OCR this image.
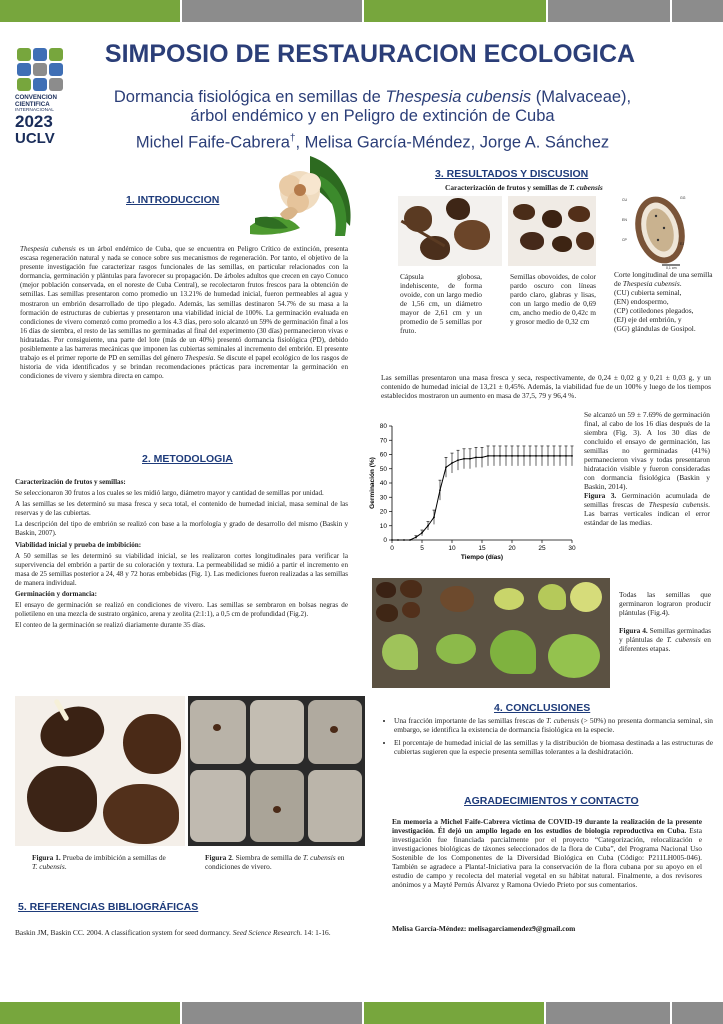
CONVENCION
CIENTIFICA
INTERNACIONAL
2023
UCLV
SIMPOSIO DE RESTAURACION ECOLOGICA
Dormancia fisiológica en semillas de Thespesia cubensis (Malvaceae),
árbol endémico y en Peligro de extinción de Cuba
Michel Faife-Cabrera†, Melisa García-Méndez, Jorge A. Sánchez
1. INTRODUCCION

Thespesia cubensis es un árbol endémico de Cuba, que se encuentra en Peligro Crítico de extinción, presenta escasa regeneración natural y nada se conoce sobre sus mecanismos de regeneración. Por tanto, el objetivo de la presente investigación fue caracterizar rasgos funcionales de las semillas, en particular relacionados con la dormancia, germinación y plántulas para favorecer su propagación. De árboles adultos que crecen en cayo Conuco (mejor población conservada, en el noreste de Cuba Central), se recolectaron frutos frescos para la obtención de semillas. Las semillas presentaron como promedio un 13.21% de humedad inicial, fueron permeables al agua y mostraron un embrión desarrollado de tipo plegado. Además, las semillas destinaron 54.7% de su masa a la formación de estructuras de cubiertas y presentaron una viabilidad inicial de 100%. La germinación evaluada en condiciones de vivero comenzó como promedio a los 4.3 días, pero solo alcanzó un 59% de germinación final a los 16 días de siembra, el resto de las semillas no germinadas al final del experimento (30 días) permanecieron vivas e hidratadas. Por consiguiente, una parte del lote (más de un 40%) presentó dormancia fisiológica (PD), debido posiblemente a las barreras mecánicas que imponen las cubiertas seminales al incremento del embrión. El presente trabajo es el primer reporte de PD en semillas del género Thespesia. Se discute el papel ecológico de los rasgos de historia de vida identificados y se brindan recomendaciones prácticas para incrementar la germinación en condiciones de vivero y siembra directa en campo.

2. METODOLOGIA

Caracterización de frutos y semillas:

Se seleccionaron 30 frutos a los cuales se les midió largo, diámetro mayor y cantidad de semillas por unidad.

A las semillas se les determinó su masa fresca y seca total, el contenido de humedad inicial, masa seminal de las reservas y de las cubiertas.

La descripción del tipo de embrión se realizó con base a la morfología y grado de desarrollo del mismo (Baskin y Baskin, 2007).

Viabilidad inicial y prueba de imbibición:

A 50 semillas se les determinó su viabilidad inicial, se les realizaron cortes longitudinales para verificar la supervivencia del embrión a partir de su coloración y textura. La permeabilidad se midió a partir el incremento en masa de 25 semillas posterior a 24, 48 y 72 horas embebidas (Fig. 1). Las mediciones fueron realizadas a las semillas de manera individual.

Germinación y dormancia:

El ensayo de germinación se realizó en condiciones de vivero. Las semillas se sembraron en bolsas negras de polietileno en una mezcla de sustrato orgánico, arena y zeolita (2:1:1), a 0,5 cm de profundidad (Fig.2).

El conteo de la germinación se realizó diariamente durante 35 días.

Figura 1. Prueba de imbibición a semillas de T. cubensis.
Figura 2. Siembra de semilla de T. cubensis en condiciones de vivero.
5. REFERENCIAS BIBLIOGRÁFICAS
Baskin JM, Baskin CC. 2004. A classification system for seed dormancy. Seed Science Research. 14: 1-16.
3. RESULTADOS Y DISCUSION
Caracterización de frutos y semillas de T. cubensis
CU	GG
EN
CP
EJ
0,1 cm
Cápsula globosa, indehiscente, de forma ovoide, con un largo medio de 1,56 cm, un diámetro mayor de 2,61 cm y un promedio de 5 semillas por fruto.
Semillas obovoides, de color pardo oscuro con líneas pardo claro, glabras y lisas, con un largo medio de 0,69 cm, ancho medio de 0,42c m y grosor medio de 0,32 cm
Corte longitudinal de una semilla de Thespesia cubensis.
(CU) cubierta seminal,
(EN) endospermo,
(CP) cotiledones plegados,
(EJ) eje del embrión, y
(GG) glándulas de Gosipol.
Las semillas presentaron una masa fresca y seca, respectivamente, de 0,24 ± 0,02 g y 0,21 ± 0,03 g, y un contenido de humedad inicial de 13,21 ± 0,45%. Además, la viabilidad fue de un 100% y luego de los tiempos establecidos mostraron un aumento en masa de 37,5, 79 y 96,4 %.
0	5	10	15	20	25	30
0
10
20
30
40
50
60
70
80
Tiempo (días)
Germinación (%)
Se alcanzó un 59 ± 7.69% de germinación final, al cabo de los 16 días después de la siembra (Fig. 3). A los 30 días de concluido el ensayo de germinación, las semillas no germinadas (41%) permanecieron vivas y todas presentaron hidratación visible y fueron consideradas con dormancia fisiológica (Baskin y Baskin, 2014).
Figura 3. Germinación acumulada de semillas frescas de Thespesia cubensis. Las barras verticales indican el error estándar de las medias.
Todas las semillas que germinaron lograron producir plántulas (Fig.4).

Figura 4. Semillas germinadas y plántulas de T. cubensis en diferentes etapas.
4. CONCLUSIONES
• Una fracción importante de las semillas frescas de T. cubensis (> 50%) no presenta dormancia seminal, sin embargo, se identifica la existencia de dormancia fisiológica en la especie.
• El porcentaje de humedad inicial de las semillas y la distribución de biomasa destinada a las estructuras de cubiertas sugieren que la especie presenta semillas tolerantes a la deshidratación.
AGRADECIMIENTOS Y CONTACTO
En memoria a Michel Faife-Cabrera víctima de COVID-19 durante la realización de la presente investigación. Él dejó un amplio legado en los estudios de biología reproductiva en Cuba. Esta investigación fue financiada parcialmente por el proyecto “Categorización, relocalización e investigaciones biológicas de táxones seleccionados de la flora de Cuba”, del Programa Nacional Uso Sostenible de los Componentes de la Diversidad Biológica en Cuba (Código: P211LH005-046). También se agradece a Planta!-Iniciativa para la conservación de la flora cubana por su apoyo en el estudio de campo y recolecta del material vegetal en su hábitat natural. Finalmente, a dos revisores anónimos y a Mayté Pernús Álvarez y Ramona Oviedo Prieto por sus comentarios.
Melisa García-Méndez: melisagarciamendez9@gmail.com
